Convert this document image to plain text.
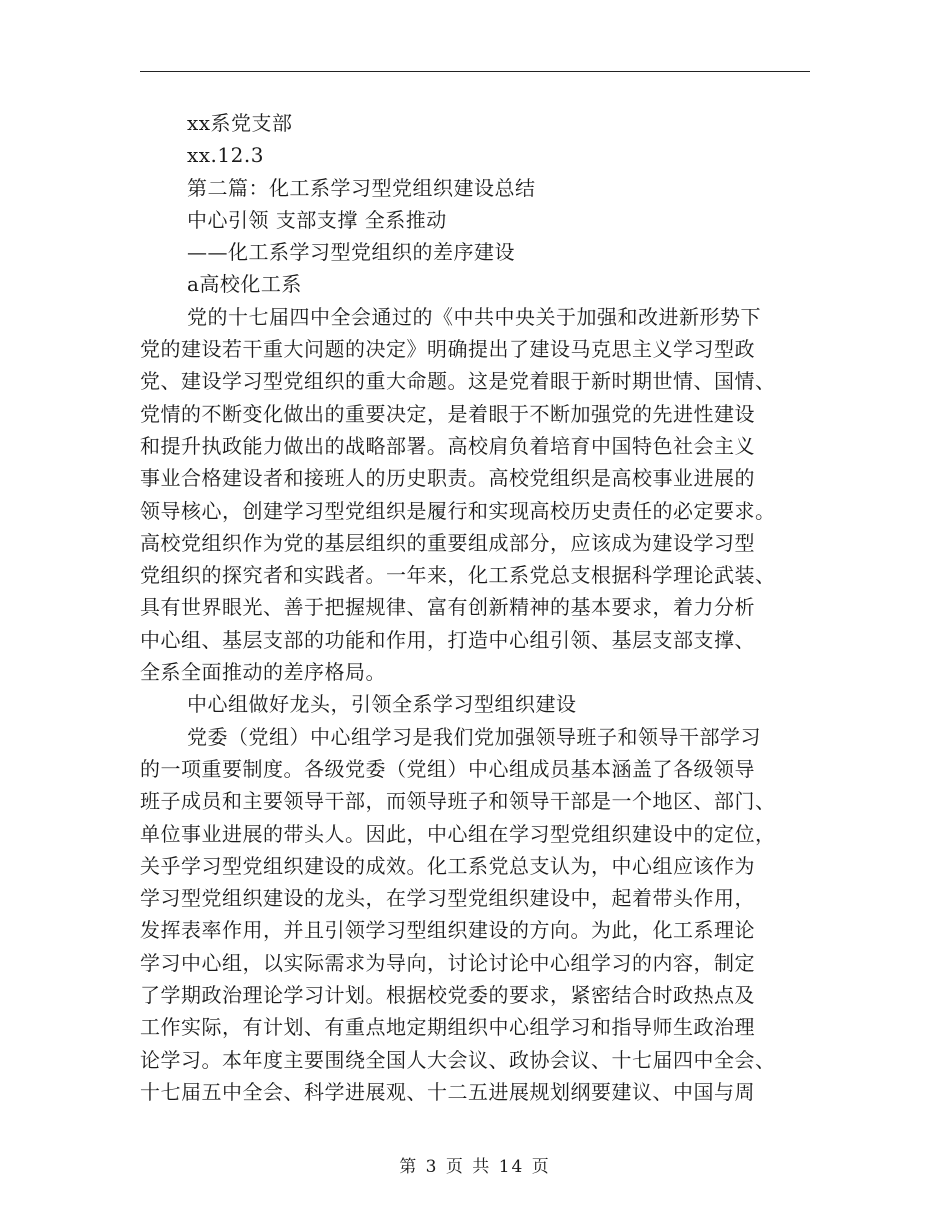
xx系党支部
xx.12.3
第二篇：化工系学习型党组织建设总结
中心引领 支部支撑 全系推动
——化工系学习型党组织的差序建设
a高校化工系
党的十七届四中全会通过的《中共中央关于加强和改进新形势下
党的建设若干重大问题的决定》明确提出了建设马克思主义学习型政
党、建设学习型党组织的重大命题。这是党着眼于新时期世情、国情、
党情的不断变化做出的重要决定，是着眼于不断加强党的先进性建设
和提升执政能力做出的战略部署。高校肩负着培育中国特色社会主义
事业合格建设者和接班人的历史职责。高校党组织是高校事业进展的
领导核心，创建学习型党组织是履行和实现高校历史责任的必定要求。
高校党组织作为党的基层组织的重要组成部分，应该成为建设学习型
党组织的探究者和实践者。一年来，化工系党总支根据科学理论武装、
具有世界眼光、善于把握规律、富有创新精神的基本要求，着力分析
中心组、基层支部的功能和作用，打造中心组引领、基层支部支撑、
全系全面推动的差序格局。
中心组做好龙头，引领全系学习型组织建设
党委（党组）中心组学习是我们党加强领导班子和领导干部学习
的一项重要制度。各级党委（党组）中心组成员基本涵盖了各级领导
班子成员和主要领导干部，而领导班子和领导干部是一个地区、部门、
单位事业进展的带头人。因此，中心组在学习型党组织建设中的定位，
关乎学习型党组织建设的成效。化工系党总支认为，中心组应该作为
学习型党组织建设的龙头，在学习型党组织建设中，起着带头作用，
发挥表率作用，并且引领学习型组织建设的方向。为此，化工系理论
学习中心组，以实际需求为导向，讨论讨论中心组学习的内容，制定
了学期政治理论学习计划。根据校党委的要求，紧密结合时政热点及
工作实际，有计划、有重点地定期组织中心组学习和指导师生政治理
论学习。本年度主要围绕全国人大会议、政协会议、十七届四中全会、
十七届五中全会、科学进展观、十二五进展规划纲要建议、中国与周
第 3 页 共 14 页
